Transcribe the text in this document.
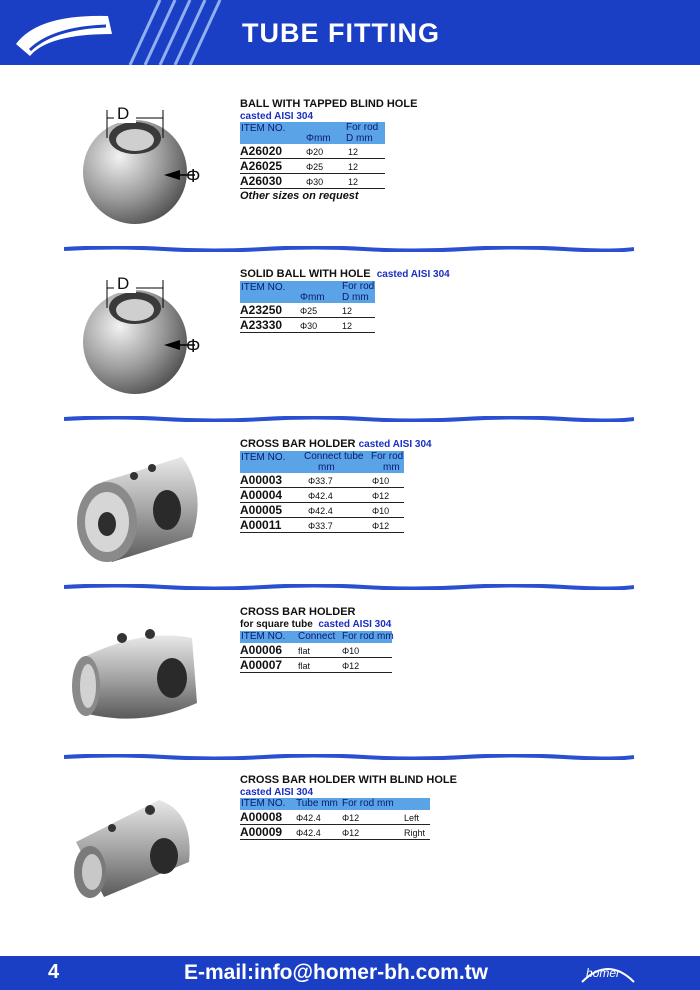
TUBE FITTING
D
Φ
BALL WITH TAPPED BLIND HOLE
casted AISI 304
ITEM NO.
Φmm
For rod
D mm
A26020	Φ20	12
A26025	Φ25	12
A26030	Φ30	12
Other sizes on request
D
Φ
SOLID BALL WITH HOLE casted AISI 304
ITEM NO.
Φmm
For rod
D mm
A23250 Φ25	12
A23330 Φ30	12
CROSS BAR HOLDER casted AISI 304
ITEM NO. Connect tube
mm
For rod
mm
A00003	Φ33.7	Φ10
A00004	Φ42.4	Φ12
A00005	Φ42.4	Φ10
A00011	Φ33.7	Φ12
CROSS BAR HOLDER
for square tube casted AISI 304
ITEM NO. Connect For rod mm
A00006 flat	Φ10
A00007 flat	Φ12
CROSS BAR HOLDER WITH BLIND HOLE
casted AISI 304
ITEM NO. Tube mm For rod mm
A00008 Φ42.4 Φ12	Left
A00009 Φ42.4 Φ12	Right
4	E-mail:info@homer-bh.com.tw	homer
